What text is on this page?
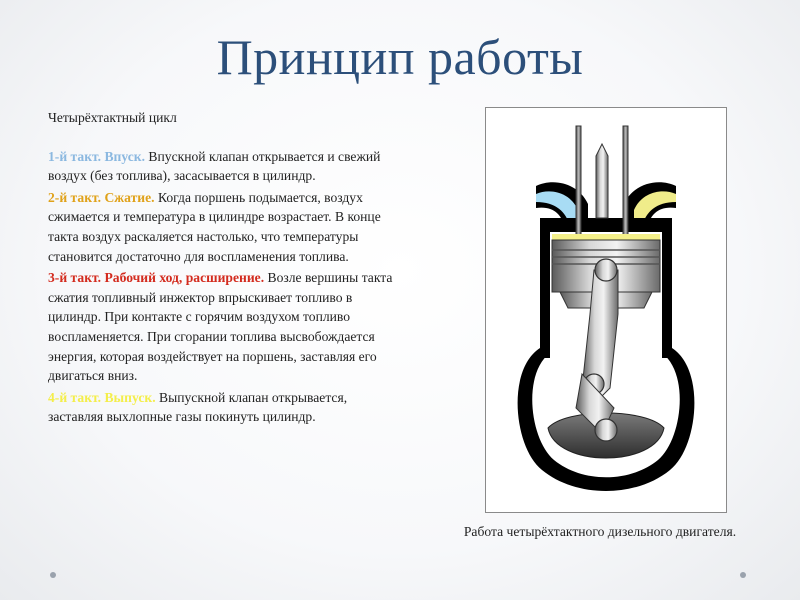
Принцип работы
Четырёхтактный цикл
1-й такт. Впуск. Впускной клапан открывается и свежий воздух (без топлива), засасывается в цилиндр.
2-й такт. Сжатие. Когда поршень подымается, воздух сжимается и температура в цилиндре возрастает. В конце такта воздух раскаляется настолько, что температуры становится достаточно для воспламенения топлива.
3-й такт. Рабочий ход, расширение. Возле вершины такта сжатия топливный инжектор впрыскивает топливо в цилиндр. При контакте с горячим воздухом топливо воспламеняется. При сгорании топлива высвобождается энергия, которая воздействует на поршень, заставляя его двигаться вниз.
4-й такт. Выпуск. Выпускной клапан открывается, заставляя выхлопные газы покинуть цилиндр.
Работа четырёхтактного дизельного двигателя.
